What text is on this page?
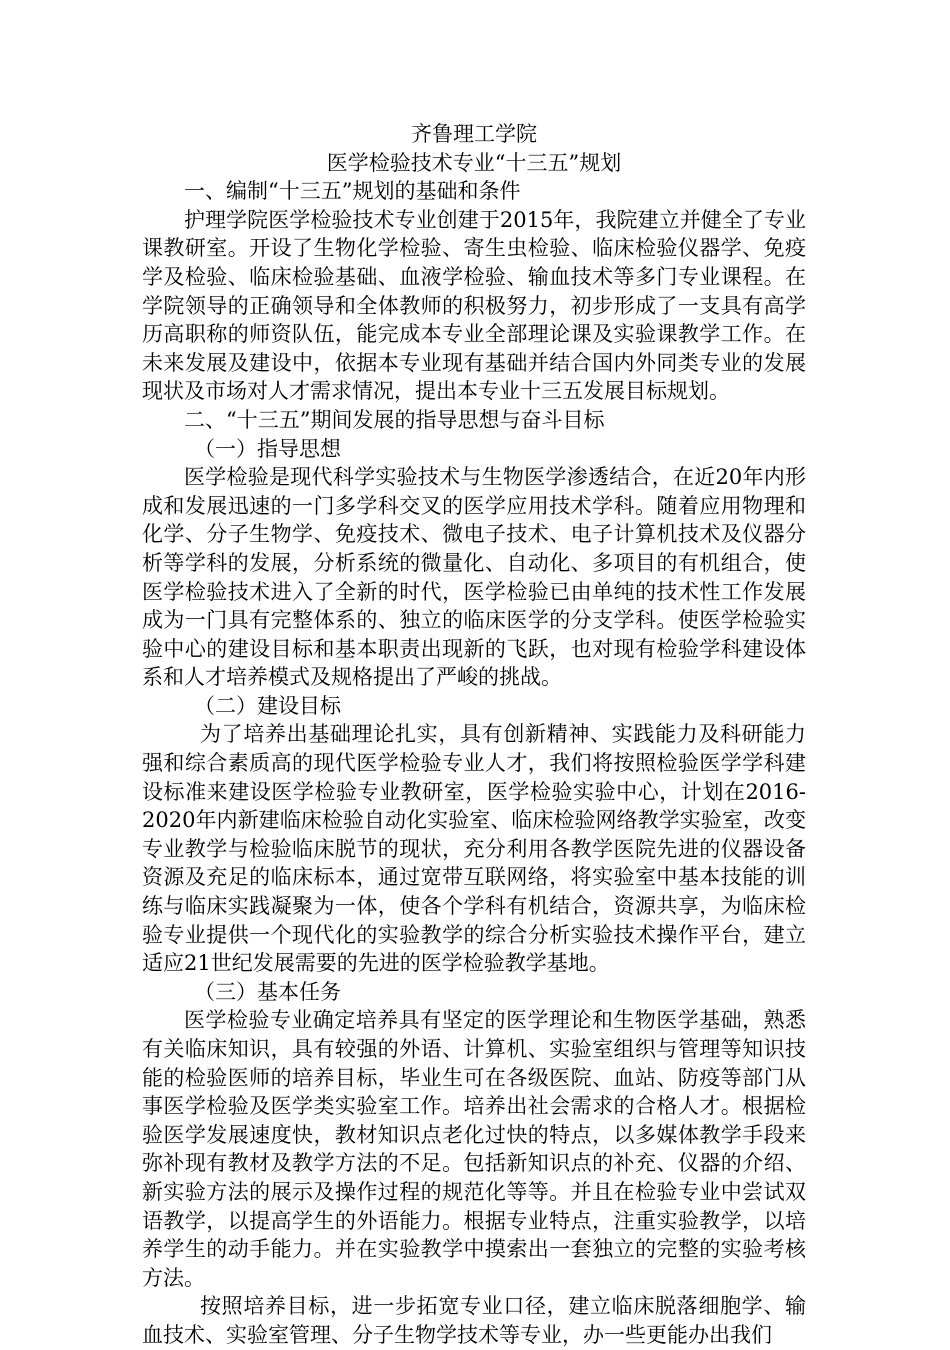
齐鲁理工学院

医学检验技术专业“十三五”规划

一、编制“十三五”规划的基础和条件

护理学院医学检验技术专业创建于2015年，我院建立并健全了专业课教研室。开设了生物化学检验、寄生虫检验、临床检验仪器学、免疫学及检验、临床检验基础、血液学检验、输血技术等多门专业课程。在学院领导的正确领导和全体教师的积极努力，初步形成了一支具有高学历高职称的师资队伍，能完成本专业全部理论课及实验课教学工作。在未来发展及建设中，依据本专业现有基础并结合国内外同类专业的发展现状及市场对人才需求情况，提出本专业十三五发展目标规划。

二、“十三五”期间发展的指导思想与奋斗目标

（一）指导思想

医学检验是现代科学实验技术与生物医学渗透结合，在近20年内形成和发展迅速的一门多学科交叉的医学应用技术学科。随着应用物理和化学、分子生物学、免疫技术、微电子技术、电子计算机技术及仪器分析等学科的发展，分析系统的微量化、自动化、多项目的有机组合，使医学检验技术进入了全新的时代，医学检验已由单纯的技术性工作发展成为一门具有完整体系的、独立的临床医学的分支学科。使医学检验实验中心的建设目标和基本职责出现新的飞跃，也对现有检验学科建设体系和人才培养模式及规格提出了严峻的挑战。

（二）建设目标

为了培养出基础理论扎实，具有创新精神、实践能力及科研能力强和综合素质高的现代医学检验专业人才，我们将按照检验医学学科建设标准来建设医学检验专业教研室，医学检验实验中心，计划在2016-2020年内新建临床检验自动化实验室、临床检验网络教学实验室，改变专业教学与检验临床脱节的现状，充分利用各教学医院先进的仪器设备资源及充足的临床标本，通过宽带互联网络，将实验室中基本技能的训练与临床实践凝聚为一体，使各个学科有机结合，资源共享，为临床检验专业提供一个现代化的实验教学的综合分析实验技术操作平台，建立适应21世纪发展需要的先进的医学检验教学基地。

（三）基本任务

医学检验专业确定培养具有坚定的医学理论和生物医学基础，熟悉有关临床知识，具有较强的外语、计算机、实验室组织与管理等知识技能的检验医师的培养目标，毕业生可在各级医院、血站、防疫等部门从事医学检验及医学类实验室工作。培养出社会需求的合格人才。根据检验医学发展速度快，教材知识点老化过快的特点，以多媒体教学手段来弥补现有教材及教学方法的不足。包括新知识点的补充、仪器的介绍、新实验方法的展示及操作过程的规范化等等。并且在检验专业中尝试双语教学，以提高学生的外语能力。根据专业特点，注重实验教学，以培养学生的动手能力。并在实验教学中摸索出一套独立的完整的实验考核方法。

按照培养目标，进一步拓宽专业口径，建立临床脱落细胞学、输血技术、实验室管理、分子生物学技术等专业，办一些更能办出我们
